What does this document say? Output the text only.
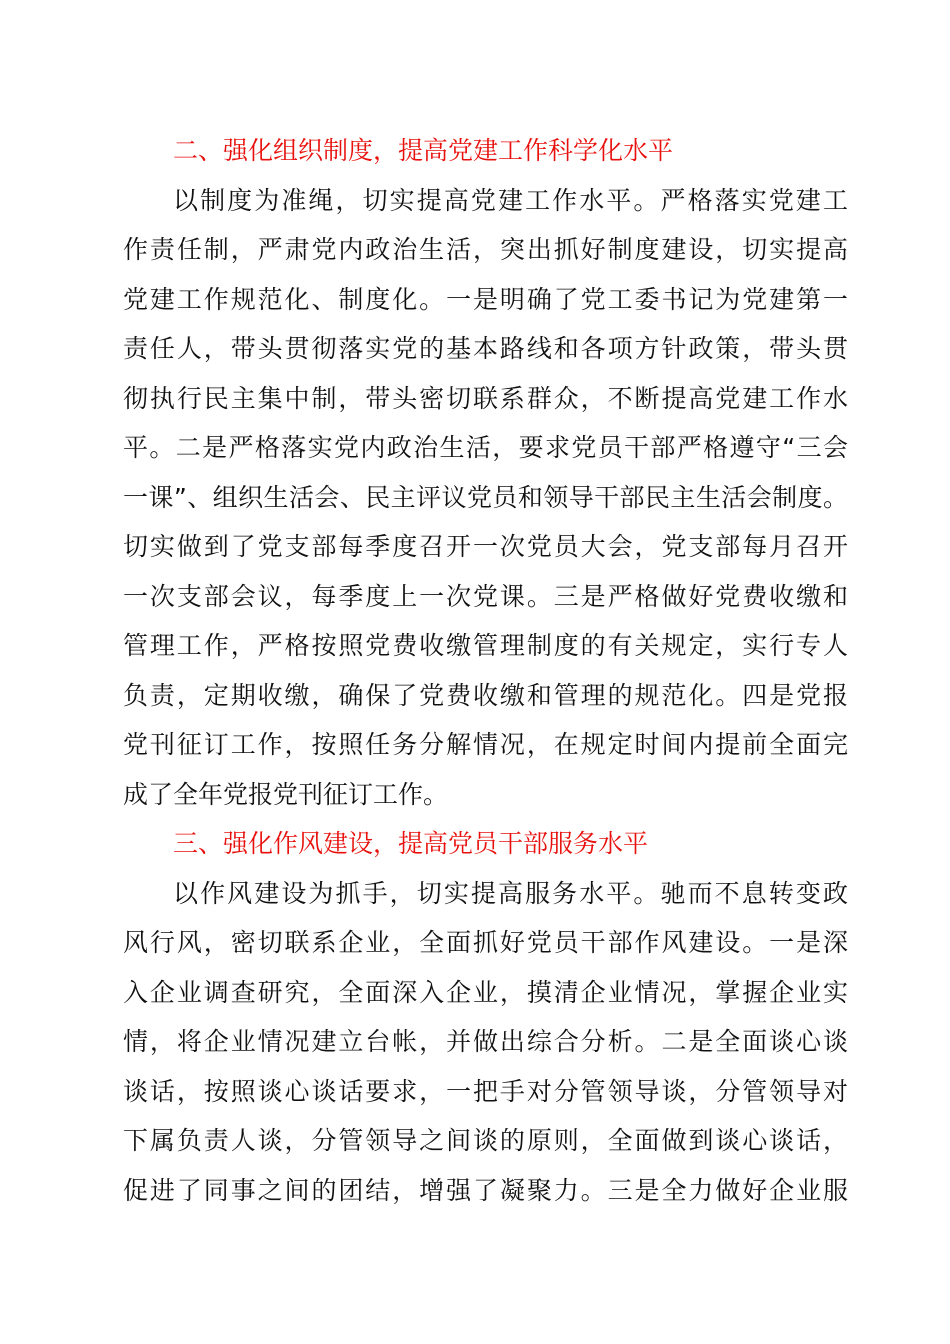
二、强化组织制度，提高党建工作科学化水平

以制度为准绳，切实提高党建工作水平。严格落实党建工
作责任制，严肃党内政治生活，突出抓好制度建设，切实提高
党建工作规范化、制度化。一是明确了党工委书记为党建第一
责任人，带头贯彻落实党的基本路线和各项方针政策，带头贯
彻执行民主集中制，带头密切联系群众，不断提高党建工作水
平。二是严格落实党内政治生活，要求党员干部严格遵守“三会
一课”、组织生活会、民主评议党员和领导干部民主生活会制度。
切实做到了党支部每季度召开一次党员大会，党支部每月召开
一次支部会议，每季度上一次党课。三是严格做好党费收缴和
管理工作，严格按照党费收缴管理制度的有关规定，实行专人
负责，定期收缴，确保了党费收缴和管理的规范化。四是党报
党刊征订工作，按照任务分解情况，在规定时间内提前全面完
成了全年党报党刊征订工作。

三、强化作风建设，提高党员干部服务水平

以作风建设为抓手，切实提高服务水平。驰而不息转变政
风行风，密切联系企业，全面抓好党员干部作风建设。一是深
入企业调查研究，全面深入企业，摸清企业情况，掌握企业实
情，将企业情况建立台帐，并做出综合分析。二是全面谈心谈
谈话，按照谈心谈话要求，一把手对分管领导谈，分管领导对
下属负责人谈，分管领导之间谈的原则，全面做到谈心谈话，
促进了同事之间的团结，增强了凝聚力。三是全力做好企业服
